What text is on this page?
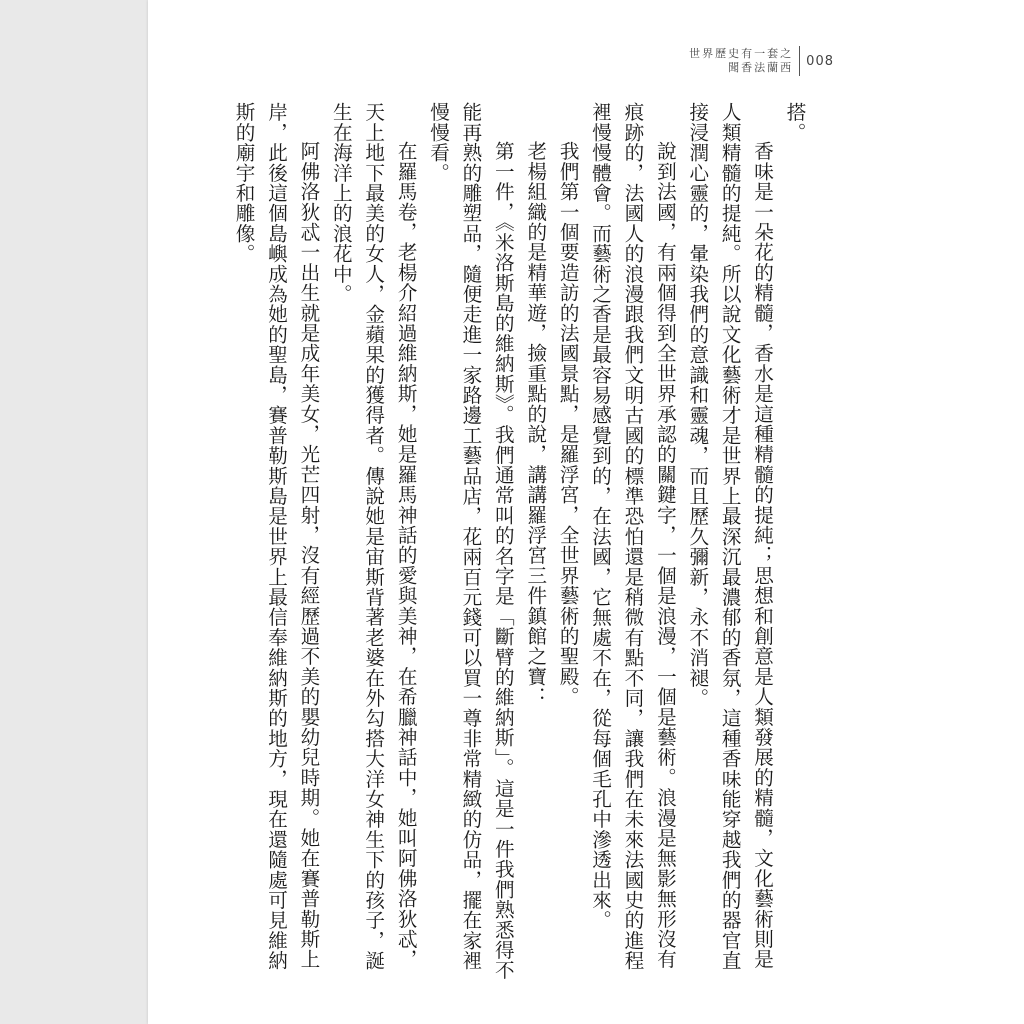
世界歷史有一套之
聞香法蘭西 008

搭。

香味是一朵花的精髓，香水是這種精髓的提純；思想和創意是人類發展的精髓，文化藝術則是人類精髓的提純。所以說文化藝術才是世界上最深沉最濃郁的香氛，這種香味能穿越我們的器官直接浸潤心靈的，暈染我們的意識和靈魂，而且歷久彌新，永不消褪。

說到法國，有兩個得到全世界承認的關鍵字，一個是浪漫，一個是藝術。浪漫是無影無形沒有痕跡的，法國人的浪漫跟我們文明古國的標準恐怕還是稍微有點不同，讓我們在未來法國史的進程裡慢慢體會。而藝術之香是最容易感覺到的，在法國，它無處不在，從每個毛孔中滲透出來。

我們第一個要造訪的法國景點，是羅浮宮，全世界藝術的聖殿。

老楊組織的是精華遊，撿重點的說，講講羅浮宮三件鎮館之寶：

第一件，《米洛斯島的維納斯》。我們通常叫的名字是「斷臂的維納斯」。這是一件我們熟悉得不能再熟的雕塑品，隨便走進一家路邊工藝品店，花兩百元錢可以買一尊非常精緻的仿品，擺在家裡慢慢看。

在羅馬卷，老楊介紹過維納斯，她是羅馬神話的愛與美神，在希臘神話中，她叫阿佛洛狄忒，天上地下最美的女人，金蘋果的獲得者。傳說她是宙斯背著老婆在外勾搭大洋女神生下的孩子，誕生在海洋上的浪花中。

阿佛洛狄忒一出生就是成年美女，光芒四射，沒有經歷過不美的嬰幼兒時期。她在賽普勒斯上岸，此後這個島嶼成為她的聖島，賽普勒斯島是世界上最信奉維納斯的地方，現在還隨處可見維納斯的廟宇和雕像。
